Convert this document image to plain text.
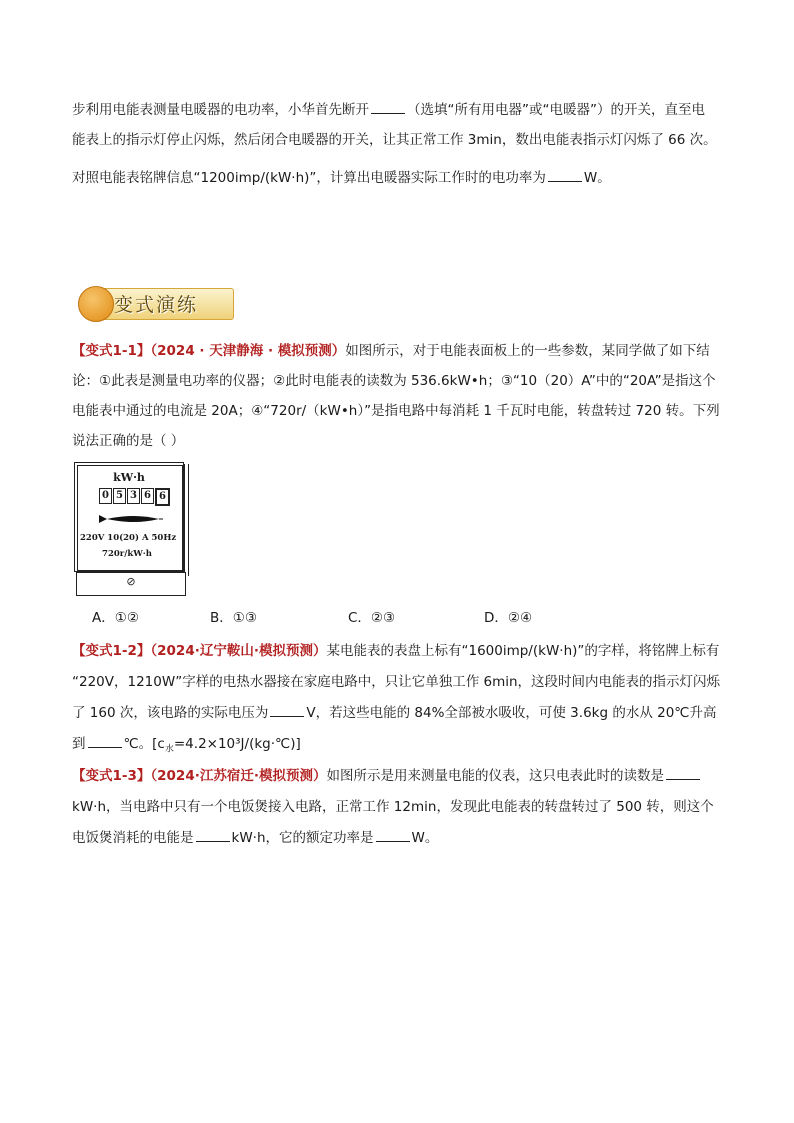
步利用电能表测量电暖器的电功率，小华首先断开	（选填“所有用电器”或“电暖器”）的开关，直至电
能表上的指示灯停止闪烁，然后闭合电暖器的开关，让其正常工作 3min，数出电能表指示灯闪烁了 66 次。
对照电能表铭牌信息“1200imp/(kW·h)”，计算出电暖器实际工作时的电功率为	W。
变式演练
【变式1-1】（2024 · 天津静海 · 模拟预测）如图所示，对于电能表面板上的一些参数，某同学做了如下结
论：①此表是测量电功率的仪器；②此时电能表的读数为 536.6kW•h；③“10（20）A”中的“20A”是指这个
电能表中通过的电流是 20A；④“720r/（kW•h）”是指电路中每消耗 1 千瓦时电能，转盘转过 720 转。下列
说法正确的是（ ）
kW·h
0 5 3 6 6
220V 10(20) A 50Hz
720r/kW·h
⊘
A．①②	B．①③	C．②③	D．②④
【变式1-2】（2024·辽宁鞍山·模拟预测）某电能表的表盘上标有“1600imp/(kW·h)”的字样，将铭牌上标有
“220V，1210W”字样的电热水器接在家庭电路中，只让它单独工作 6min，这段时间内电能表的指示灯闪烁
了 160 次，该电路的实际电压为	V，若这些电能的 84%全部被水吸收，可使 3.6kg 的水从 20℃升高
到	℃。$[c_水=4.2\times 10^3J/(kg\cdot℃)]$
【变式1-3】（2024·江苏宿迁·模拟预测）如图所示是用来测量电能的仪表，这只电表此时的读数是
kW·h，当电路中只有一个电饭煲接入电路，正常工作 12min，发现此电能表的转盘转过了 500 转，则这个
电饭煲消耗的电能是	kW·h，它的额定功率是	W。
